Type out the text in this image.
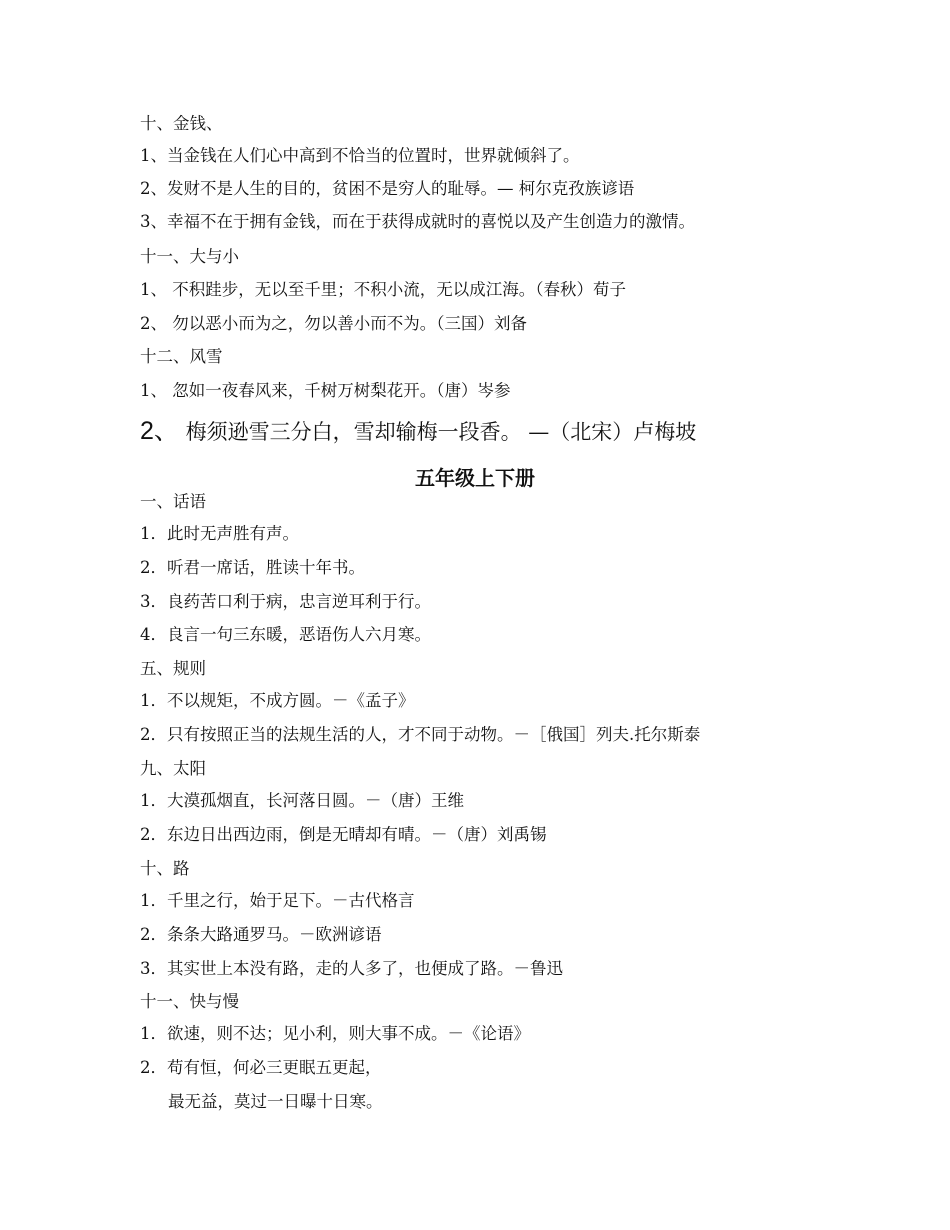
十、金钱、
1、当金钱在人们心中高到不恰当的位置时，世界就倾斜了。
2、发财不是人生的目的，贫困不是穷人的耻辱。— 柯尔克孜族谚语
3、幸福不在于拥有金钱，而在于获得成就时的喜悦以及产生创造力的激情。
十一、大与小
1、 不积跬步，无以至千里；不积小流，无以成江海。（春秋）荀子
2、 勿以恶小而为之，勿以善小而不为。（三国）刘备
十二、风雪
1、 忽如一夜春风来，千树万树梨花开。（唐）岑参
2、 梅须逊雪三分白，雪却输梅一段香。 —（北宋）卢梅坡
五年级上下册
一、话语
1．此时无声胜有声。
2．听君一席话，胜读十年书。
3．良药苦口利于病，忠言逆耳利于行。
4．良言一句三东暖，恶语伤人六月寒。
五、规则
1．不以规矩，不成方圆。－《孟子》
2．只有按照正当的法规生活的人，才不同于动物。－［俄国］列夫.托尔斯泰
九、太阳
1．大漠孤烟直，长河落日圆。－（唐）王维
2．东边日出西边雨，倒是无晴却有晴。－（唐）刘禹锡
十、路
1．千里之行，始于足下。－古代格言
2．条条大路通罗马。－欧洲谚语
3．其实世上本没有路，走的人多了，也便成了路。－鲁迅
十一、快与慢
1．欲速，则不达；见小利，则大事不成。－《论语》
2．苟有恒，何必三更眠五更起，
最无益，莫过一日曝十日寒。
